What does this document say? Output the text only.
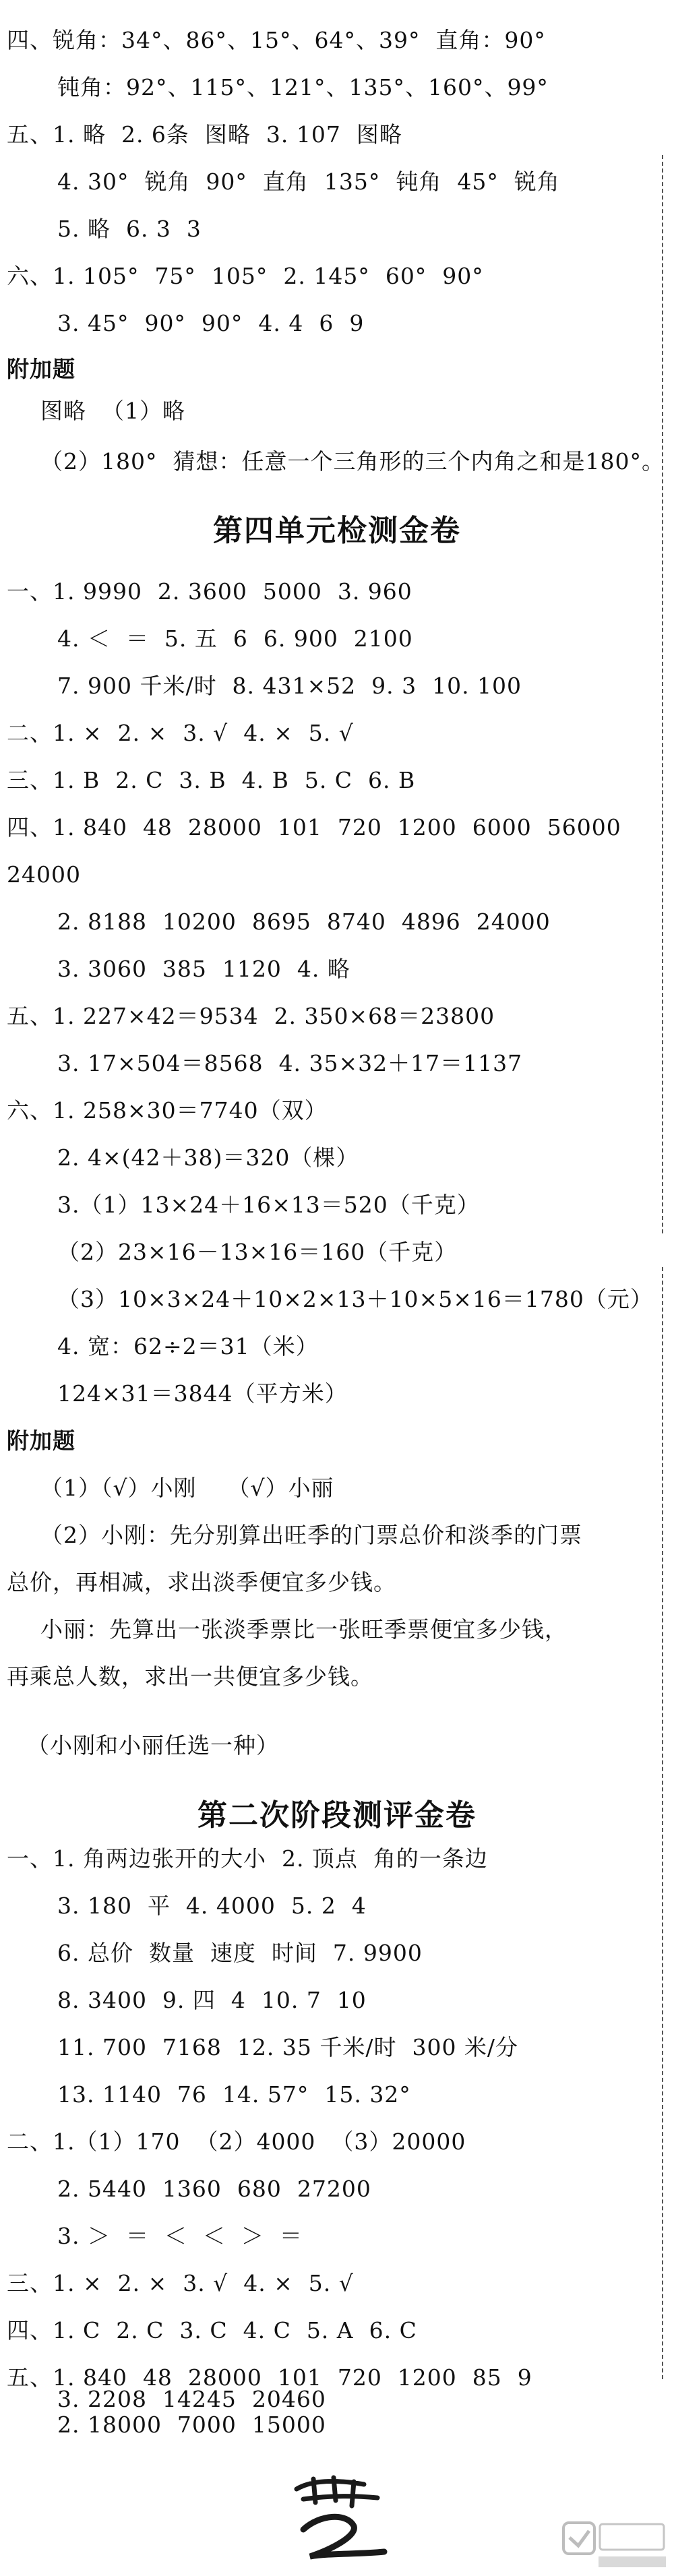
四、锐角：34°、86°、15°、64°、39°  直角：90°
钝角：92°、115°、121°、135°、160°、99°
五、1. 略  2. 6条  图略  3. 107  图略
4. 30°  锐角  90°  直角  135°  钝角  45°  锐角
5. 略  6. 3  3
六、1. 105°  75°  105°  2. 145°  60°  90°
3. 45°  90°  90°  4. 4  6  9
附加题
图略  （1）略
（2）180°  猜想：任意一个三角形的三个内角之和是180°。
第四单元检测金卷
一、1. 9990  2. 3600  5000  3. 960
4. ＜  ＝  5. 五  6  6. 900  2100
7. 900 千米/时  8. 431×52  9. 3  10. 100
二、1. ×  2. ×  3. √  4. ×  5. √
三、1. B  2. C  3. B  4. B  5. C  6. B
四、1. 840  48  28000  101  720  1200  6000  56000
24000
2. 8188  10200  8695  8740  4896  24000
3. 3060  385  1120  4. 略
五、1. 227×42＝9534  2. 350×68＝23800
3. 17×504＝8568  4. 35×32＋17＝1137
六、1. 258×30＝7740（双）
2. 4×(42＋38)＝320（棵）
3.（1）13×24＋16×13＝520（千克）
（2）23×16－13×16＝160（千克）
（3）10×3×24＋10×2×13＋10×5×16＝1780（元）
4. 宽：62÷2＝31（米）
124×31＝3844（平方米）
附加题
（1）（√）小刚    （√）小丽
（2）小刚：先分别算出旺季的门票总价和淡季的门票
总价，再相减，求出淡季便宜多少钱。
小丽：先算出一张淡季票比一张旺季票便宜多少钱，
再乘总人数，求出一共便宜多少钱。
（小刚和小丽任选一种）
第二次阶段测评金卷
一、1. 角两边张开的大小  2. 顶点  角的一条边
3. 180  平  4. 4000  5. 2  4
6. 总价  数量  速度  时间  7. 9900
8. 3400  9. 四  4  10. 7  10
11. 700  7168  12. 35 千米/时  300 米/分
13. 1140  76  14. 57°  15. 32°
二、1.（1）170  （2）4000  （3）20000
2. 5440  1360  680  27200
3. ＞  ＝  ＜  ＜  ＞  ＝
三、1. ×  2. ×  3. √  4. ×  5. √
四、1. C  2. C  3. C  4. C  5. A  6. C
五、1. 840  48  28000  101  720  1200  85  9
2. 18000  7000  15000
3. 2208  14245  20460
